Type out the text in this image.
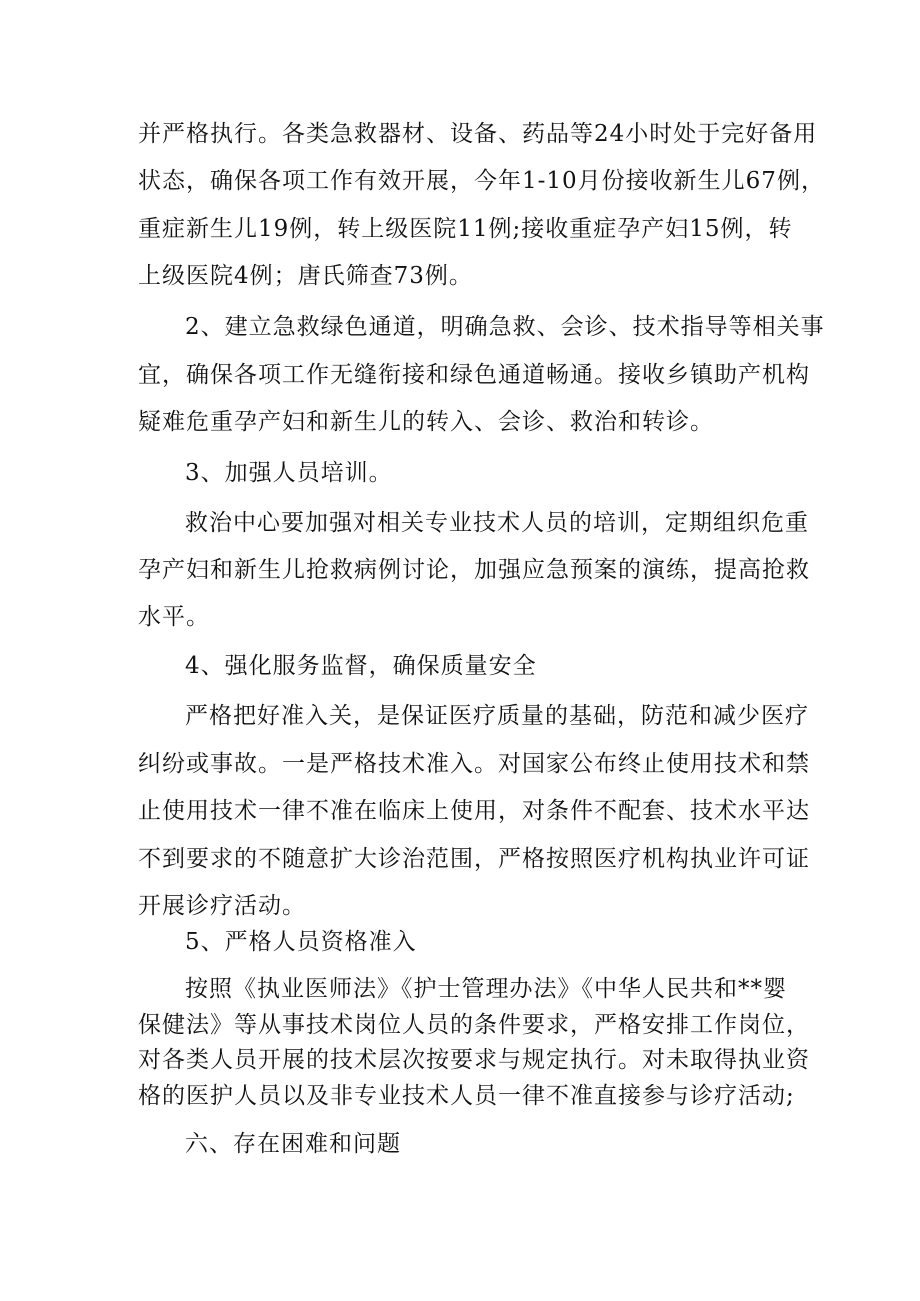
并严格执行。各类急救器材、设备、药品等24小时处于完好备用
状态，确保各项工作有效开展，今年1-10月份接收新生儿67例，
重症新生儿19例，转上级医院11例;接收重症孕产妇15例，转
上级医院4例；唐氏筛查73例。
2、建立急救绿色通道，明确急救、会诊、技术指导等相关事
宜，确保各项工作无缝衔接和绿色通道畅通。接收乡镇助产机构
疑难危重孕产妇和新生儿的转入、会诊、救治和转诊。
3、加强人员培训。
救治中心要加强对相关专业技术人员的培训，定期组织危重
孕产妇和新生儿抢救病例讨论，加强应急预案的演练，提高抢救
水平。
4、强化服务监督，确保质量安全
严格把好准入关，是保证医疗质量的基础，防范和减少医疗
纠纷或事故。一是严格技术准入。对国家公布终止使用技术和禁
止使用技术一律不准在临床上使用，对条件不配套、技术水平达
不到要求的不随意扩大诊治范围，严格按照医疗机构执业许可证
开展诊疗活动。
5、严格人员资格准入
按照《执业医师法》《护士管理办法》《中华人民共和**婴
保健法》等从事技术岗位人员的条件要求，严格安排工作岗位，
对各类人员开展的技术层次按要求与规定执行。对未取得执业资
格的医护人员以及非专业技术人员一律不准直接参与诊疗活动;
六、存在困难和问题
